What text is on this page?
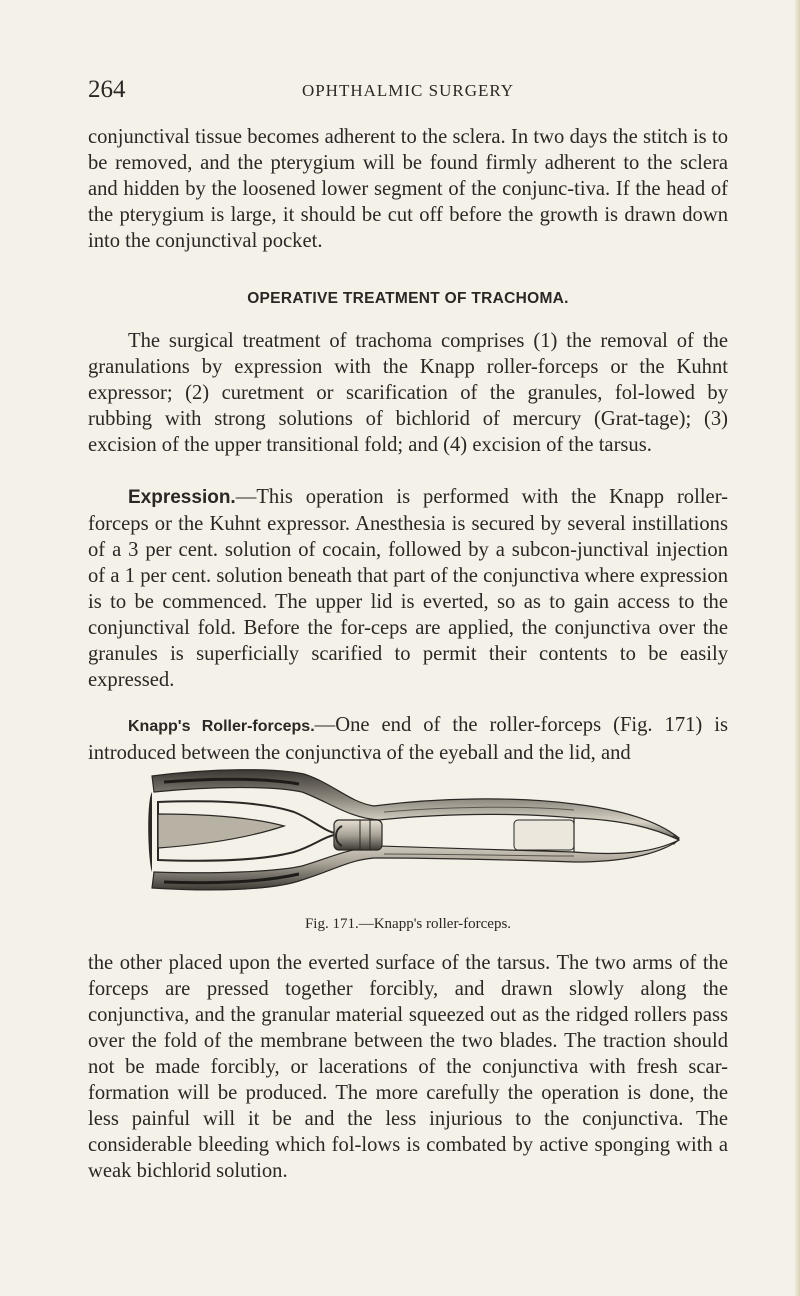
264	OPHTHALMIC SURGERY

conjunctival tissue becomes adherent to the sclera. In two days the stitch is to be removed, and the pterygium will be found firmly adherent to the sclera and hidden by the loosened lower segment of the conjunc-tiva. If the head of the pterygium is large, it should be cut off before the growth is drawn down into the conjunctival pocket.

OPERATIVE TREATMENT OF TRACHOMA.

The surgical treatment of trachoma comprises (1) the removal of the granulations by expression with the Knapp roller-forceps or the Kuhnt expressor; (2) curetment or scarification of the granules, fol-lowed by rubbing with strong solutions of bichlorid of mercury (Grat-tage); (3) excision of the upper transitional fold; and (4) excision of the tarsus.

Expression.—This operation is performed with the Knapp roller-forceps or the Kuhnt expressor. Anesthesia is secured by several instillations of a 3 per cent. solution of cocain, followed by a subcon-junctival injection of a 1 per cent. solution beneath that part of the conjunctiva where expression is to be commenced. The upper lid is everted, so as to gain access to the conjunctival fold. Before the for-ceps are applied, the conjunctiva over the granules is superficially scarified to permit their contents to be easily expressed.

Knapp's Roller-forceps.—One end of the roller-forceps (Fig. 171) is introduced between the conjunctiva of the eyeball and the lid, and

Fig. 171.—Knapp's roller-forceps.

the other placed upon the everted surface of the tarsus. The two arms of the forceps are pressed together forcibly, and drawn slowly along the conjunctiva, and the granular material squeezed out as the ridged rollers pass over the fold of the membrane between the two blades. The traction should not be made forcibly, or lacerations of the conjunctiva with fresh scar-formation will be produced. The more carefully the operation is done, the less painful will it be and the less injurious to the conjunctiva. The considerable bleeding which fol-lows is combated by active sponging with a weak bichlorid solution.
